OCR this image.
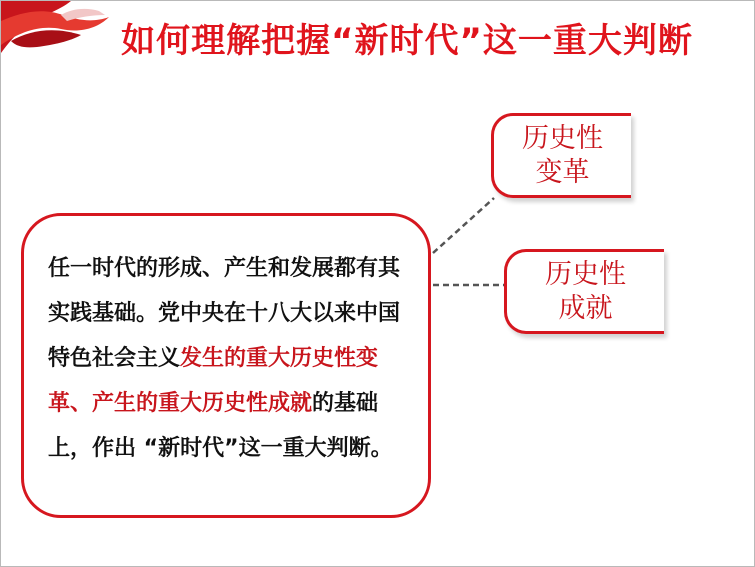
如何理解把握“新时代”这一重大判断
任一时代的形成、产生和发展都有其实践基础。党中央在十八大以来中国特色社会主义发生的重大历史性变革、产生的重大历史性成就的基础上，作出 “新时代”这一重大判断。
历史性
变革
历史性
成就
